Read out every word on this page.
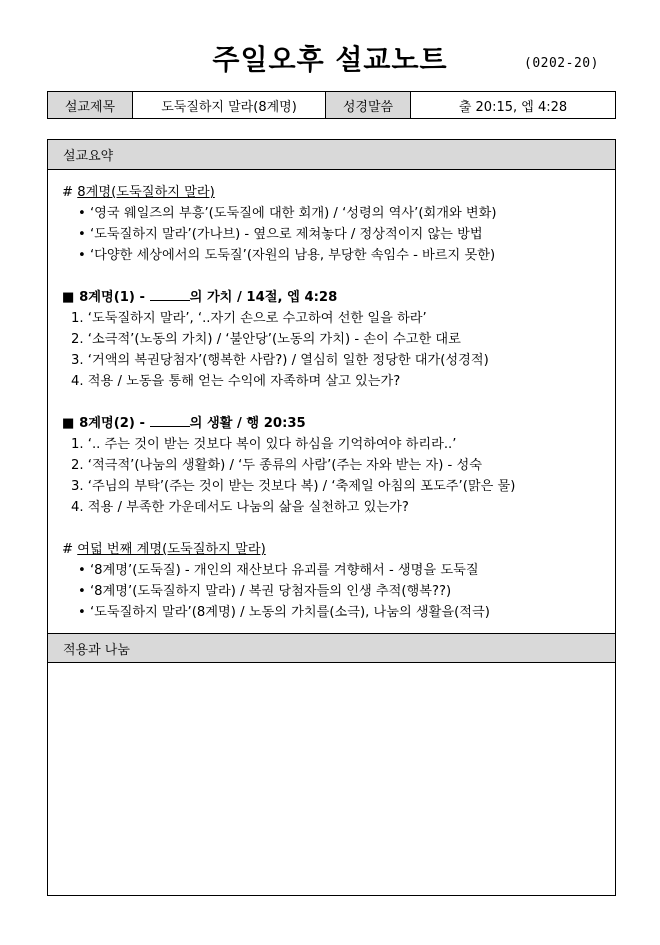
주일오후 설교노트	(0202-20)
설교제목	도둑질하지 말라(8계명)	성경말씀	출 20:15, 엡 4:28
설교요약
# 8계명(도둑질하지 말라)
• ‘영국 웨일즈의 부흥’(도둑질에 대한 회개) / ‘성령의 역사’(회개와 변화)
• ‘도둑질하지 말라’(가나브) - 옆으로 제쳐놓다 / 정상적이지 않는 방법
• ‘다양한 세상에서의 도둑질’(자원의 남용, 부당한 속임수 - 바르지 못한)
■ 8계명(1) -	의 가치 / 14절, 엡 4:28
1. ‘도둑질하지 말라’, ‘..자기 손으로 수고하여 선한 일을 하라’
2. ‘소극적’(노동의 가치) / ‘불안당’(노동의 가치) - 손이 수고한 대로
3. ‘거액의 복권당첨자’(행복한 사람?) / 열심히 일한 정당한 대가(성경적)
4. 적용 / 노동을 통해 얻는 수익에 자족하며 살고 있는가?
■ 8계명(2) -	의 생활 / 행 20:35
1. ‘.. 주는 것이 받는 것보다 복이 있다 하심을 기억하여야 하리라..’
2. ‘적극적’(나눔의 생활화) / ‘두 종류의 사람’(주는 자와 받는 자) - 성숙
3. ‘주님의 부탁’(주는 것이 받는 것보다 복) / ‘축제일 아침의 포도주’(맑은 물)
4. 적용 / 부족한 가운데서도 나눔의 삶을 실천하고 있는가?
# 여덟 번째 계명(도둑질하지 말라)
• ‘8계명’(도둑질) - 개인의 재산보다 유괴를 겨향해서 - 생명을 도둑질
• ‘8계명’(도둑질하지 말라) / 복권 당첨자들의 인생 추적(행복??)
• ‘도둑질하지 말라’(8계명) / 노동의 가치를(소극), 나눔의 생활을(적극)
적용과 나눔
